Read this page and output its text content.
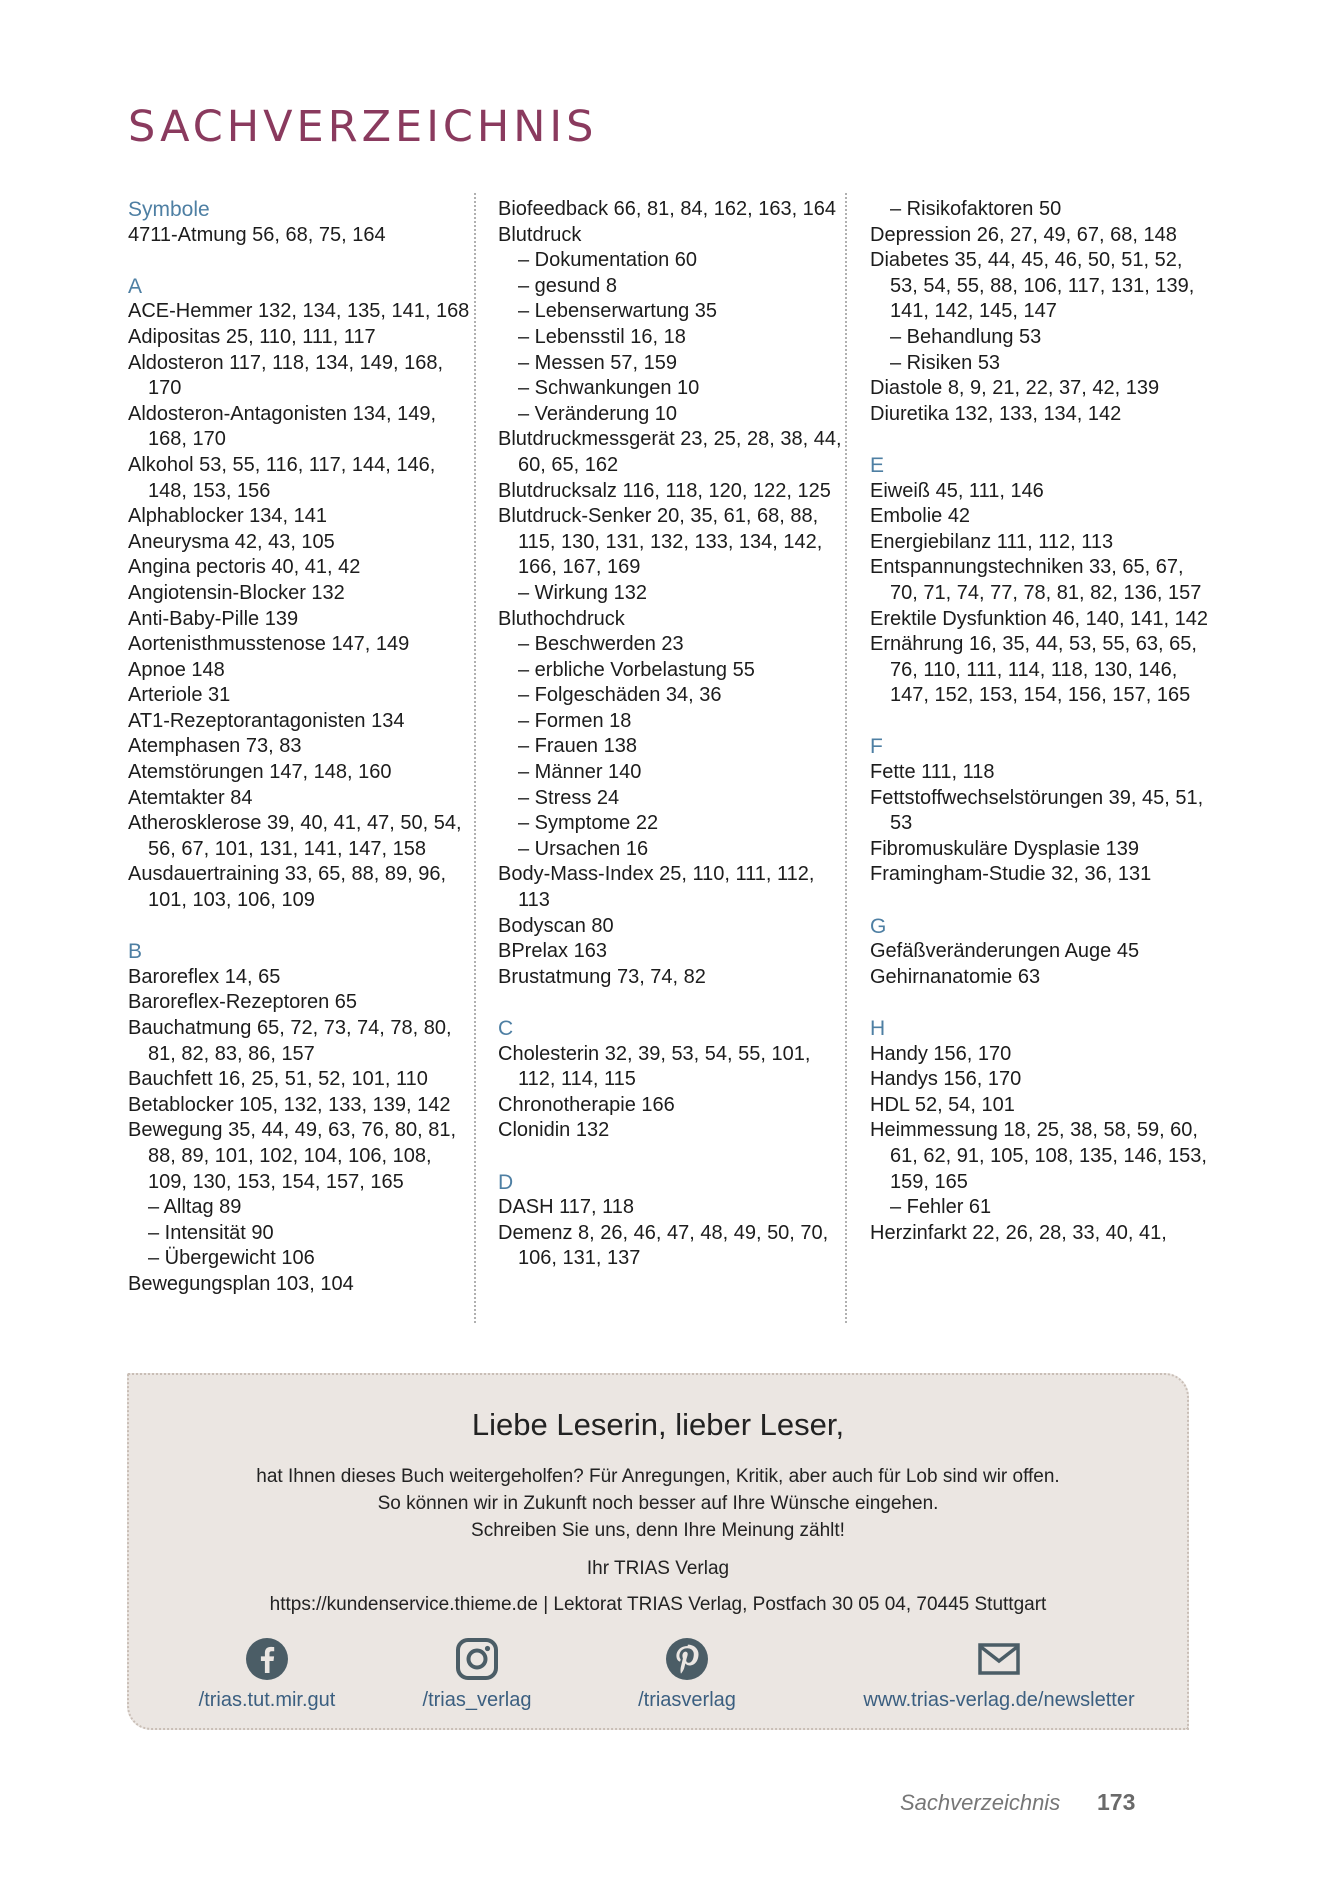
SACHVERZEICHNIS
Symbole
4711-Atmung 56, 68, 75, 164
A
ACE-Hemmer 132, 134, 135, 141, 168
Adipositas 25, 110, 111, 117
Aldosteron 117, 118, 134, 149, 168, 170
Aldosteron-Antagonisten 134, 149, 168, 170
Alkohol 53, 55, 116, 117, 144, 146, 148, 153, 156
Alphablocker 134, 141
Aneurysma 42, 43, 105
Angina pectoris 40, 41, 42
Angiotensin-Blocker 132
Anti-Baby-Pille 139
Aortenisthmusstenose 147, 149
Apnoe 148
Arteriole 31
AT1-Rezeptorantagonisten 134
Atemphasen 73, 83
Atemstörungen 147, 148, 160
Atemtakter 84
Atherosklerose 39, 40, 41, 47, 50, 54, 56, 67, 101, 131, 141, 147, 158
Ausdauertraining 33, 65, 88, 89, 96, 101, 103, 106, 109
B
Baroreflex 14, 65
Baroreflex-Rezeptoren 65
Bauchatmung 65, 72, 73, 74, 78, 80, 81, 82, 83, 86, 157
Bauchfett 16, 25, 51, 52, 101, 110
Betablocker 105, 132, 133, 139, 142
Bewegung 35, 44, 49, 63, 76, 80, 81, 88, 89, 101, 102, 104, 106, 108, 109, 130, 153, 154, 157, 165
– Alltag 89
– Intensität 90
– Übergewicht 106
Bewegungsplan 103, 104
Biofeedback 66, 81, 84, 162, 163, 164
Blutdruck
– Dokumentation 60
– gesund 8
– Lebenserwartung 35
– Lebensstil 16, 18
– Messen 57, 159
– Schwankungen 10
– Veränderung 10
Blutdruckmessgerät 23, 25, 28, 38, 44, 60, 65, 162
Blutdrucksalz 116, 118, 120, 122, 125
Blutdruck-Senker 20, 35, 61, 68, 88, 115, 130, 131, 132, 133, 134, 142, 166, 167, 169
– Wirkung 132
Bluthochdruck
– Beschwerden 23
– erbliche Vorbelastung 55
– Folgeschäden 34, 36
– Formen 18
– Frauen 138
– Männer 140
– Stress 24
– Symptome 22
– Ursachen 16
Body-Mass-Index 25, 110, 111, 112, 113
Bodyscan 80
BPrelax 163
Brustatmung 73, 74, 82
C
Cholesterin 32, 39, 53, 54, 55, 101, 112, 114, 115
Chronotherapie 166
Clonidin 132
D
DASH 117, 118
Demenz 8, 26, 46, 47, 48, 49, 50, 70, 106, 131, 137
– Risikofaktoren 50
Depression 26, 27, 49, 67, 68, 148
Diabetes 35, 44, 45, 46, 50, 51, 52, 53, 54, 55, 88, 106, 117, 131, 139, 141, 142, 145, 147
– Behandlung 53
– Risiken 53
Diastole 8, 9, 21, 22, 37, 42, 139
Diuretika 132, 133, 134, 142
E
Eiweiß 45, 111, 146
Embolie 42
Energiebilanz 111, 112, 113
Entspannungstechniken 33, 65, 67, 70, 71, 74, 77, 78, 81, 82, 136, 157
Erektile Dysfunktion 46, 140, 141, 142
Ernährung 16, 35, 44, 53, 55, 63, 65, 76, 110, 111, 114, 118, 130, 146, 147, 152, 153, 154, 156, 157, 165
F
Fette 111, 118
Fettstoffwechselstörungen 39, 45, 51, 53
Fibromuskuläre Dysplasie 139
Framingham-Studie 32, 36, 131
G
Gefäßveränderungen Auge 45
Gehirnanatomie 63
H
Handy 156, 170
Handys 156, 170
HDL 52, 54, 101
Heimmessung 18, 25, 38, 58, 59, 60, 61, 62, 91, 105, 108, 135, 146, 153, 159, 165
– Fehler 61
Herzinfarkt 22, 26, 28, 33, 40, 41,
Liebe Leserin, lieber Leser,
hat Ihnen dieses Buch weitergeholfen? Für Anregungen, Kritik, aber auch für Lob sind wir offen.
So können wir in Zukunft noch besser auf Ihre Wünsche eingehen.
Schreiben Sie uns, denn Ihre Meinung zählt!
Ihr TRIAS Verlag
https://kundenservice.thieme.de | Lektorat TRIAS Verlag, Postfach 30 05 04, 70445 Stuttgart
/trias.tut.mir.gut	/trias_verlag	/triasverlag	www.trias-verlag.de/newsletter
Sachverzeichnis 173
